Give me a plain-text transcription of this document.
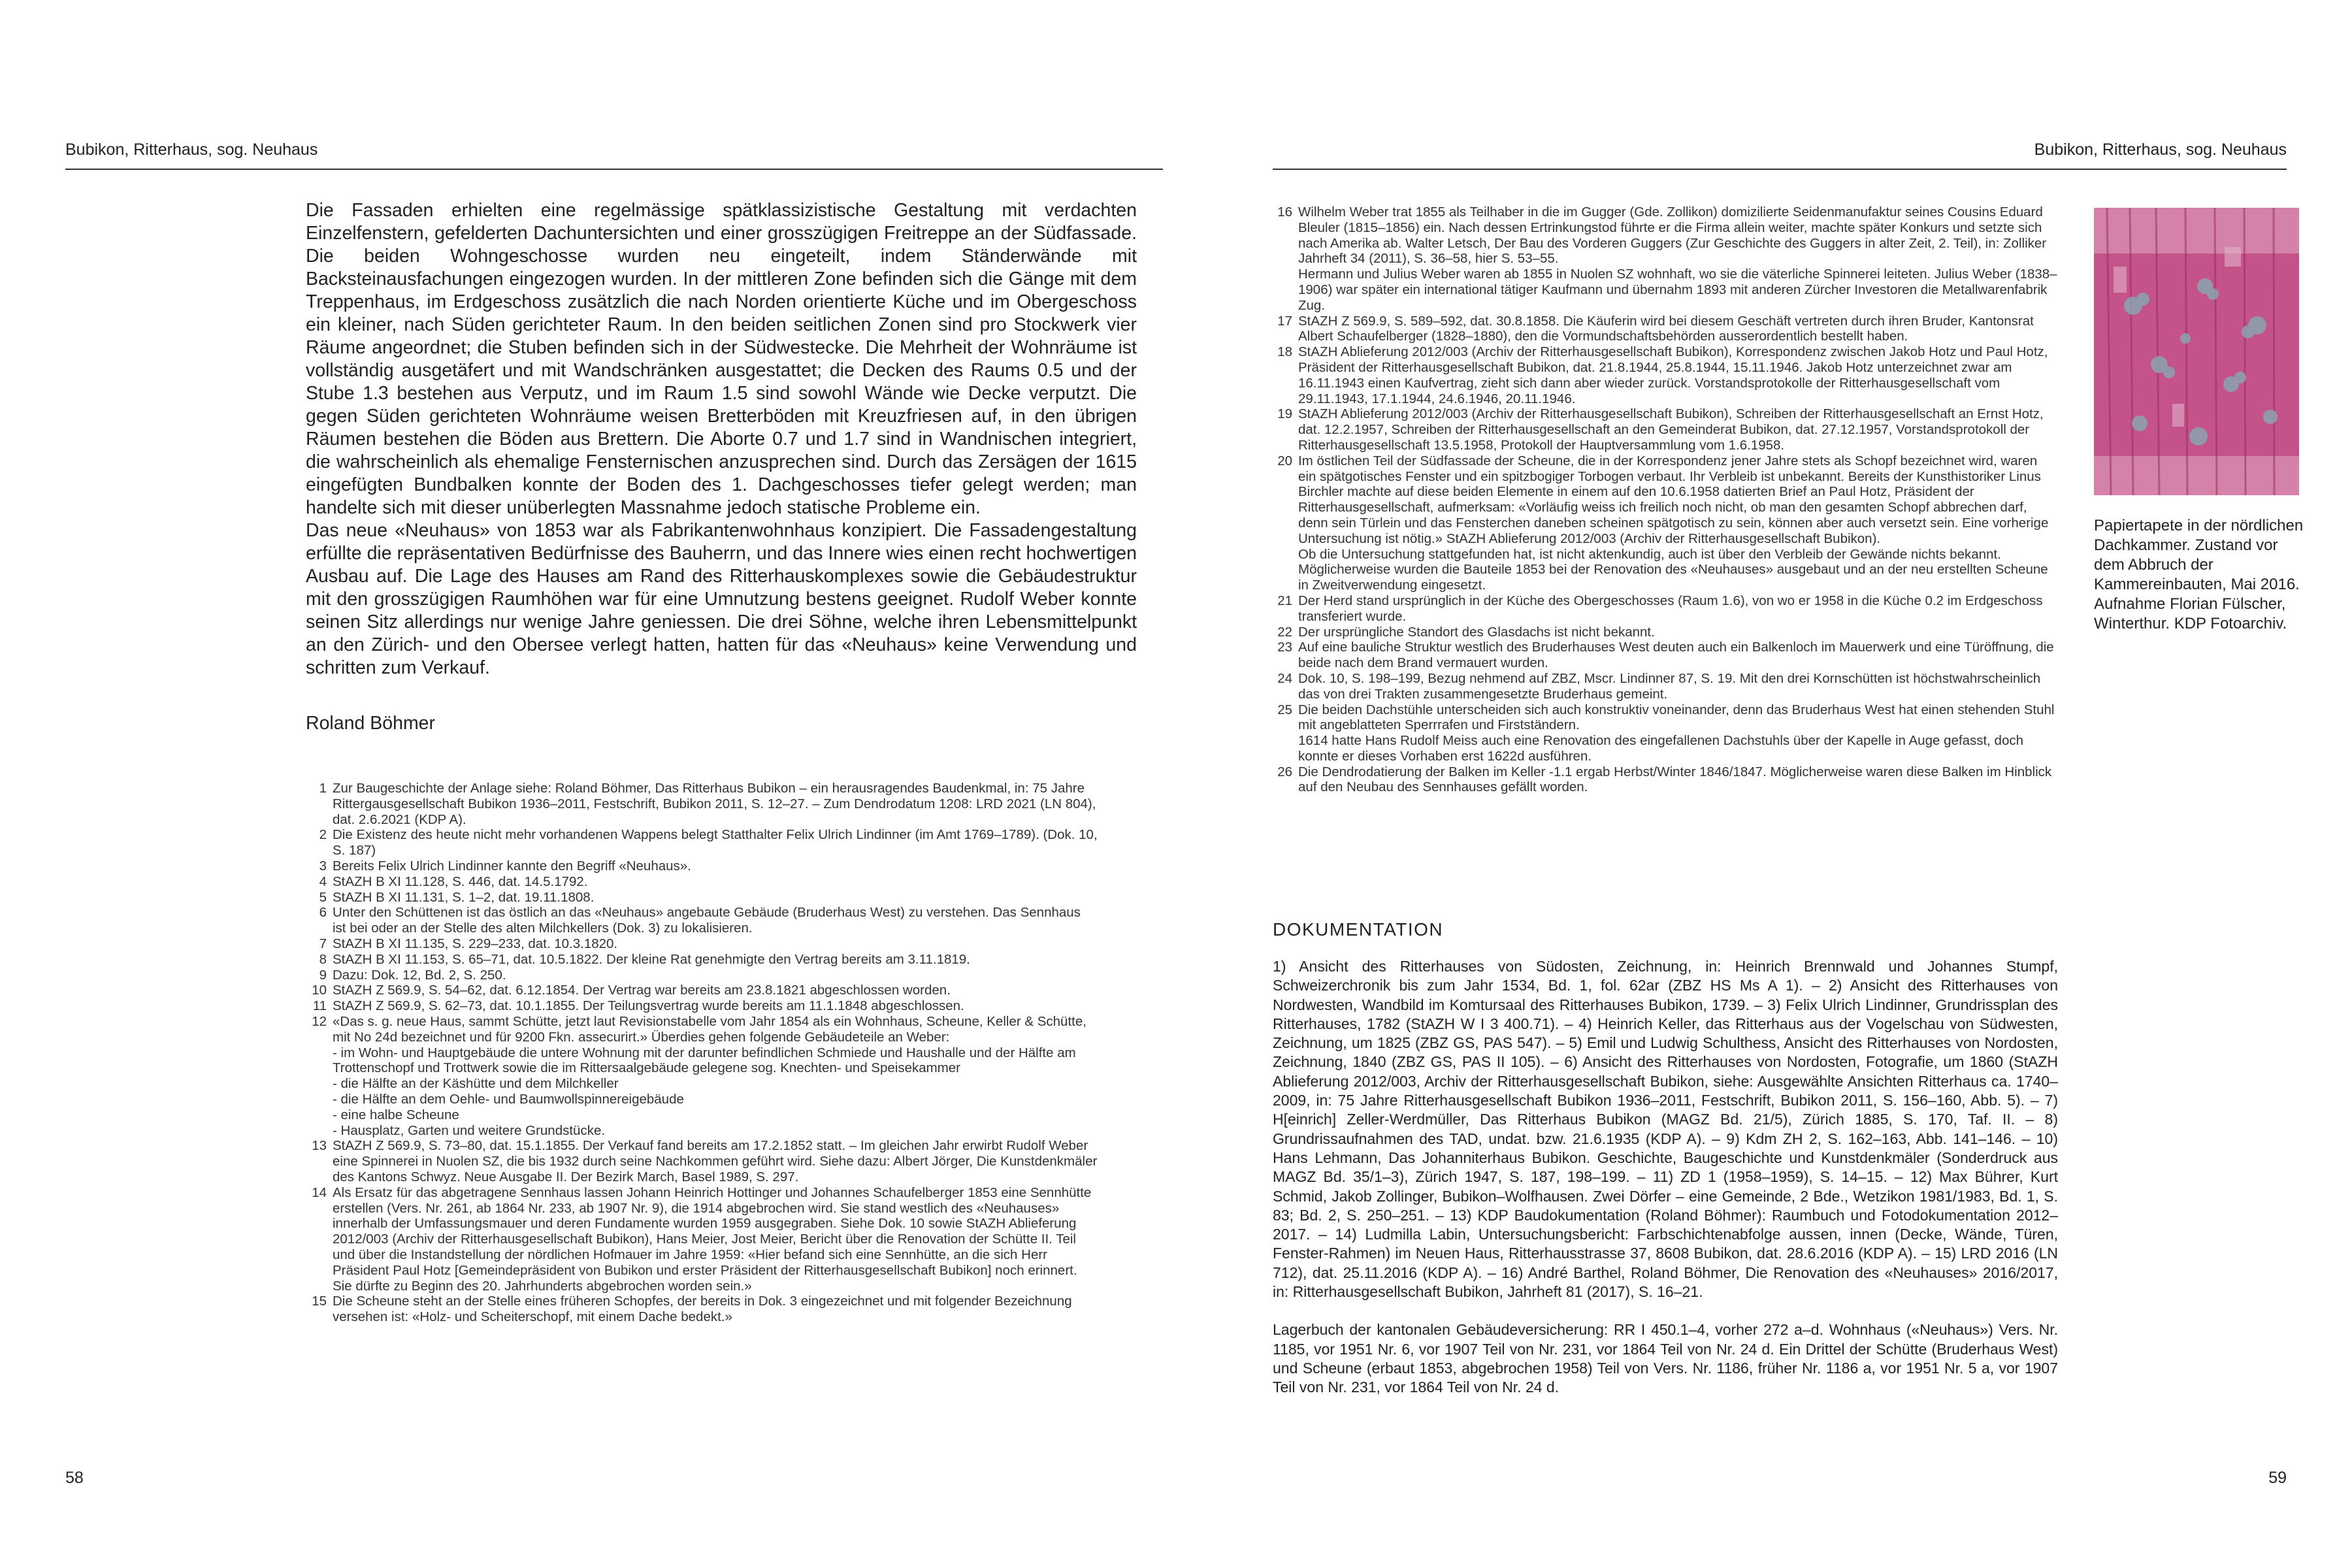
Bubikon, Ritterhaus, sog. Neuhaus

Die Fassaden erhielten eine regelmässige spätklassizistische Gestaltung mit verdachten Einzelfenstern, gefelderten Dachuntersichten und einer grosszügigen Freitreppe an der Südfassade. Die beiden Wohngeschosse wurden neu eingeteilt, indem Ständerwände mit Backsteinausfachungen eingezogen wurden. In der mittleren Zone befinden sich die Gänge mit dem Treppenhaus, im Erdgeschoss zusätzlich die nach Norden orientierte Küche und im Obergeschoss ein kleiner, nach Süden gerichteter Raum. In den beiden seitlichen Zonen sind pro Stockwerk vier Räume angeordnet; die Stuben befinden sich in der Südwestecke. Die Mehrheit der Wohnräume ist vollständig ausgetäfert und mit Wandschränken ausgestattet; die Decken des Raums 0.5 und der Stube 1.3 bestehen aus Verputz, und im Raum 1.5 sind sowohl Wände wie Decke verputzt. Die gegen Süden gerichteten Wohnräume weisen Bretterböden mit Kreuzfriesen auf, in den übrigen Räumen bestehen die Böden aus Brettern. Die Aborte 0.7 und 1.7 sind in Wandnischen integriert, die wahrscheinlich als ehemalige Fensternischen anzusprechen sind. Durch das Zersägen der 1615 eingefügten Bundbalken konnte der Boden des 1. Dachgeschosses tiefer gelegt werden; man handelte sich mit dieser unüberlegten Massnahme jedoch statische Probleme ein.

Das neue «Neuhaus» von 1853 war als Fabrikantenwohnhaus konzipiert. Die Fassadengestaltung erfüllte die repräsentativen Bedürfnisse des Bauherrn, und das Innere wies einen recht hochwertigen Ausbau auf. Die Lage des Hauses am Rand des Ritterhauskomplexes sowie die Gebäudestruktur mit den grosszügigen Raumhöhen war für eine Umnutzung bestens geeignet. Rudolf Weber konnte seinen Sitz allerdings nur wenige Jahre geniessen. Die drei Söhne, welche ihren Lebensmittelpunkt an den Zürich- und den Obersee verlegt hatten, hatten für das «Neuhaus» keine Verwendung und schritten zum Verkauf.

Roland Böhmer
1 Zur Baugeschichte der Anlage siehe: Roland Böhmer, Das Ritterhaus Bubikon – ein herausragendes Baudenkmal, in: 75 Jahre Rittergausgesellschaft Bubikon 1936–2011, Festschrift, Bubikon 2011, S. 12–27. – Zum Dendrodatum 1208: LRD 2021 (LN 804), dat. 2.6.2021 (KDP A).
2 Die Existenz des heute nicht mehr vorhandenen Wappens belegt Statthalter Felix Ulrich Lindinner (im Amt 1769–1789). (Dok. 10, S. 187)
3 Bereits Felix Ulrich Lindinner kannte den Begriff «Neuhaus».
4 StAZH B XI 11.128, S. 446, dat. 14.5.1792.
5 StAZH B XI 11.131, S. 1–2, dat. 19.11.1808.
6 Unter den Schüttenen ist das östlich an das «Neuhaus» angebaute Gebäude (Bruderhaus West) zu verstehen. Das Sennhaus ist bei oder an der Stelle des alten Milchkellers (Dok. 3) zu lokalisieren.
7 StAZH B XI 11.135, S. 229–233, dat. 10.3.1820.
8 StAZH B XI 11.153, S. 65–71, dat. 10.5.1822. Der kleine Rat genehmigte den Vertrag bereits am 3.11.1819.
9 Dazu: Dok. 12, Bd. 2, S. 250.
10 StAZH Z 569.9, S. 54–62, dat. 6.12.1854. Der Vertrag war bereits am 23.8.1821 abgeschlossen worden.
11 StAZH Z 569.9, S. 62–73, dat. 10.1.1855. Der Teilungsvertrag wurde bereits am 11.1.1848 abgeschlossen.
12 «Das s. g. neue Haus, sammt Schütte, jetzt laut Revisionstabelle vom Jahr 1854 als ein Wohnhaus, Scheune, Keller & Schütte, mit No 24d bezeichnet und für 9200 Fkn. assecurirt.» Überdies gehen folgende Gebäudeteile an Weber:
- im Wohn- und Hauptgebäude die untere Wohnung mit der darunter befindlichen Schmiede und Haushalle und der Hälfte am Trottenschopf und Trottwerk sowie die im Rittersaalgebäude gelegene sog. Knechten- und Speisekammer
- die Hälfte an der Käshütte und dem Milchkeller
- die Hälfte an dem Oehle- und Baumwollspinnereigebäude
- eine halbe Scheune
- Hausplatz, Garten und weitere Grundstücke.
13 StAZH Z 569.9, S. 73–80, dat. 15.1.1855. Der Verkauf fand bereits am 17.2.1852 statt. – Im gleichen Jahr erwirbt Rudolf Weber eine Spinnerei in Nuolen SZ, die bis 1932 durch seine Nachkommen geführt wird. Siehe dazu: Albert Jörger, Die Kunstdenkmäler des Kantons Schwyz. Neue Ausgabe II. Der Bezirk March, Basel 1989, S. 297.
14 Als Ersatz für das abgetragene Sennhaus lassen Johann Heinrich Hottinger und Johannes Schaufelberger 1853 eine Sennhütte erstellen (Vers. Nr. 261, ab 1864 Nr. 233, ab 1907 Nr. 9), die 1914 abgebrochen wird. Sie stand westlich des «Neuhauses» innerhalb der Umfassungsmauer und deren Fundamente wurden 1959 ausgegraben. Siehe Dok. 10 sowie StAZH Ablieferung 2012/003 (Archiv der Ritterhausgesellschaft Bubikon), Hans Meier, Jost Meier, Bericht über die Renovation der Schütte II. Teil und über die Instandstellung der nördlichen Hofmauer im Jahre 1959: «Hier befand sich eine Sennhütte, an die sich Herr Präsident Paul Hotz [Gemeindepräsident von Bubikon und erster Präsident der Ritterhausgesellschaft Bubikon] noch erinnert. Sie dürfte zu Beginn des 20. Jahrhunderts abgebrochen worden sein.»
15 Die Scheune steht an der Stelle eines früheren Schopfes, der bereits in Dok. 3 eingezeichnet und mit folgender Bezeichnung versehen ist: «Holz- und Scheiterschopf, mit einem Dache bedekt.»
58
Bubikon, Ritterhaus, sog. Neuhaus
16 Wilhelm Weber trat 1855 als Teilhaber in die im Gugger (Gde. Zollikon) domizilierte Seidenmanufaktur seines Cousins Eduard Bleuler (1815–1856) ein. Nach dessen Ertrinkungstod führte er die Firma allein weiter, machte später Konkurs und setzte sich nach Amerika ab. Walter Letsch, Der Bau des Vorderen Guggers (Zur Geschichte des Guggers in alter Zeit, 2. Teil), in: Zolliker Jahrheft 34 (2011), S. 36–58, hier S. 53–55.
Hermann und Julius Weber waren ab 1855 in Nuolen SZ wohnhaft, wo sie die väterliche Spinnerei leiteten. Julius Weber (1838–1906) war später ein international tätiger Kaufmann und übernahm 1893 mit anderen Zürcher Investoren die Metallwarenfabrik Zug.
17 StAZH Z 569.9, S. 589–592, dat. 30.8.1858. Die Käuferin wird bei diesem Geschäft vertreten durch ihren Bruder, Kantonsrat Albert Schaufelberger (1828–1880), den die Vormundschaftsbehörden ausserordentlich bestellt haben.
18 StAZH Ablieferung 2012/003 (Archiv der Ritterhausgesellschaft Bubikon), Korrespondenz zwischen Jakob Hotz und Paul Hotz, Präsident der Ritterhausgesellschaft Bubikon, dat. 21.8.1944, 25.8.1944, 15.11.1946. Jakob Hotz unterzeichnet zwar am 16.11.1943 einen Kaufvertrag, zieht sich dann aber wieder zurück. Vorstandsprotokolle der Ritterhausgesellschaft vom 29.11.1943, 17.1.1944, 24.6.1946, 20.11.1946.
19 StAZH Ablieferung 2012/003 (Archiv der Ritterhausgesellschaft Bubikon), Schreiben der Ritterhausgesellschaft an Ernst Hotz, dat. 12.2.1957, Schreiben der Ritterhausgesellschaft an den Gemeinderat Bubikon, dat. 27.12.1957, Vorstandsprotokoll der Ritterhausgesellschaft 13.5.1958, Protokoll der Hauptversammlung vom 1.6.1958.
20 Im östlichen Teil der Südfassade der Scheune, die in der Korrespondenz jener Jahre stets als Schopf bezeichnet wird, waren ein spätgotisches Fenster und ein spitzbogiger Torbogen verbaut. Ihr Verbleib ist unbekannt. Bereits der Kunsthistoriker Linus Birchler machte auf diese beiden Elemente in einem auf den 10.6.1958 datierten Brief an Paul Hotz, Präsident der Ritterhausgesellschaft, aufmerksam: «Vorläufig weiss ich freilich noch nicht, ob man den gesamten Schopf abbrechen darf, denn sein Türlein und das Fensterchen daneben scheinen spätgotisch zu sein, können aber auch versetzt sein. Eine vorherige Untersuchung ist nötig.» StAZH Ablieferung 2012/003 (Archiv der Ritterhausgesellschaft Bubikon).
Ob die Untersuchung stattgefunden hat, ist nicht aktenkundig, auch ist über den Verbleib der Gewände nichts bekannt. Möglicherweise wurden die Bauteile 1853 bei der Renovation des «Neuhauses» ausgebaut und an der neu erstellten Scheune in Zweitverwendung eingesetzt.
21 Der Herd stand ursprünglich in der Küche des Obergeschosses (Raum 1.6), von wo er 1958 in die Küche 0.2 im Erdgeschoss transferiert wurde.
22 Der ursprüngliche Standort des Glasdachs ist nicht bekannt.
23 Auf eine bauliche Struktur westlich des Bruderhauses West deuten auch ein Balkenloch im Mauerwerk und eine Türöffnung, die beide nach dem Brand vermauert wurden.
24 Dok. 10, S. 198–199, Bezug nehmend auf ZBZ, Mscr. Lindinner 87, S. 19. Mit den drei Kornschütten ist höchstwahrscheinlich das von drei Trakten zusammengesetzte Bruderhaus gemeint.
25 Die beiden Dachstühle unterscheiden sich auch konstruktiv voneinander, denn das Bruderhaus West hat einen stehenden Stuhl mit angeblatteten Sperrrafen und Firstständern.
1614 hatte Hans Rudolf Meiss auch eine Renovation des eingefallenen Dachstuhls über der Kapelle in Auge gefasst, doch konnte er dieses Vorhaben erst 1622d ausführen.
26 Die Dendrodatierung der Balken im Keller -1.1 ergab Herbst/Winter 1846/1847. Möglicherweise waren diese Balken im Hinblick auf den Neubau des Sennhauses gefällt worden.
DOKUMENTATION

1) Ansicht des Ritterhauses von Südosten, Zeichnung, in: Heinrich Brennwald und Johannes Stumpf, Schweizerchronik bis zum Jahr 1534, Bd. 1, fol. 62ar (ZBZ HS Ms A 1). – 2) Ansicht des Ritterhauses von Nordwesten, Wandbild im Komtursaal des Ritterhauses Bubikon, 1739. – 3) Felix Ulrich Lindinner, Grundrissplan des Ritterhauses, 1782 (StAZH W I 3 400.71). – 4) Heinrich Keller, das Ritterhaus aus der Vogelschau von Südwesten, Zeichnung, um 1825 (ZBZ GS, PAS 547). – 5) Emil und Ludwig Schulthess, Ansicht des Ritterhauses von Nordosten, Zeichnung, 1840 (ZBZ GS, PAS II 105). – 6) Ansicht des Ritterhauses von Nordosten, Fotografie, um 1860 (StAZH Ablieferung 2012/003, Archiv der Ritterhausgesellschaft Bubikon, siehe: Ausgewählte Ansichten Ritterhaus ca. 1740–2009, in: 75 Jahre Ritterhausgesellschaft Bubikon 1936–2011, Festschrift, Bubikon 2011, S. 156–160, Abb. 5). – 7) H[einrich] Zeller-Werdmüller, Das Ritterhaus Bubikon (MAGZ Bd. 21/5), Zürich 1885, S. 170, Taf. II. – 8) Grundrissaufnahmen des TAD, undat. bzw. 21.6.1935 (KDP A). – 9) Kdm ZH 2, S. 162–163, Abb. 141–146. – 10) Hans Lehmann, Das Johanniterhaus Bubikon. Geschichte, Baugeschichte und Kunstdenkmäler (Sonderdruck aus MAGZ Bd. 35/1–3), Zürich 1947, S. 187, 198–199. – 11) ZD 1 (1958–1959), S. 14–15. – 12) Max Bührer, Kurt Schmid, Jakob Zollinger, Bubikon–Wolfhausen. Zwei Dörfer – eine Gemeinde, 2 Bde., Wetzikon 1981/1983, Bd. 1, S. 83; Bd. 2, S. 250–251. – 13) KDP Baudokumentation (Roland Böhmer): Raumbuch und Fotodokumentation 2012–2017. – 14) Ludmilla Labin, Untersuchungsbericht: Farbschichtenabfolge aussen, innen (Decke, Wände, Türen, Fenster-Rahmen) im Neuen Haus, Ritterhausstrasse 37, 8608 Bubikon, dat. 28.6.2016 (KDP A). – 15) LRD 2016 (LN 712), dat. 25.11.2016 (KDP A). – 16) André Barthel, Roland Böhmer, Die Renovation des «Neuhauses» 2016/2017, in: Ritterhausgesellschaft Bubikon, Jahrheft 81 (2017), S. 16–21.

Lagerbuch der kantonalen Gebäudeversicherung: RR I 450.1–4, vorher 272 a–d. Wohnhaus («Neuhaus») Vers. Nr. 1185, vor 1951 Nr. 6, vor 1907 Teil von Nr. 231, vor 1864 Teil von Nr. 24 d. Ein Drittel der Schütte (Bruderhaus West) und Scheune (erbaut 1853, abgebrochen 1958) Teil von Vers. Nr. 1186, früher Nr. 1186 a, vor 1951 Nr. 5 a, vor 1907 Teil von Nr. 231, vor 1864 Teil von Nr. 24 d.

59
Papiertapete in der nördlichen Dachkammer. Zustand vor dem Abbruch der Kammereinbauten, Mai 2016. Aufnahme Florian Fülscher, Winterthur. KDP Fotoarchiv.
